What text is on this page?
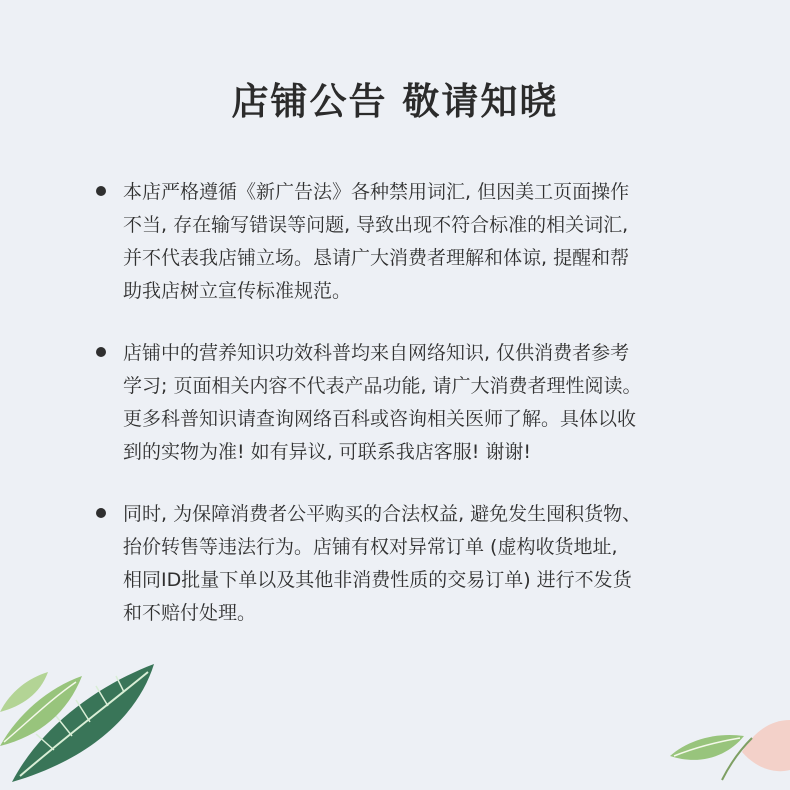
店铺公告 敬请知晓
本店严格遵循《新广告法》各种禁用词汇, 但因美工页面操作
不当, 存在输写错误等问题, 导致出现不符合标准的相关词汇,
并不代表我店铺立场。恳请广大消费者理解和体谅, 提醒和帮
助我店树立宣传标准规范。
店铺中的营养知识功效科普均来自网络知识, 仅供消费者参考
学习; 页面相关内容不代表产品功能, 请广大消费者理性阅读。
更多科普知识请查询网络百科或咨询相关医师了解。具体以收
到的实物为准! 如有异议, 可联系我店客服! 谢谢!
同时, 为保障消费者公平购买的合法权益, 避免发生囤积货物、
抬价转售等违法行为。店铺有权对异常订单 (虚构收货地址,
相同ID批量下单以及其他非消费性质的交易订单) 进行不发货
和不赔付处理。
